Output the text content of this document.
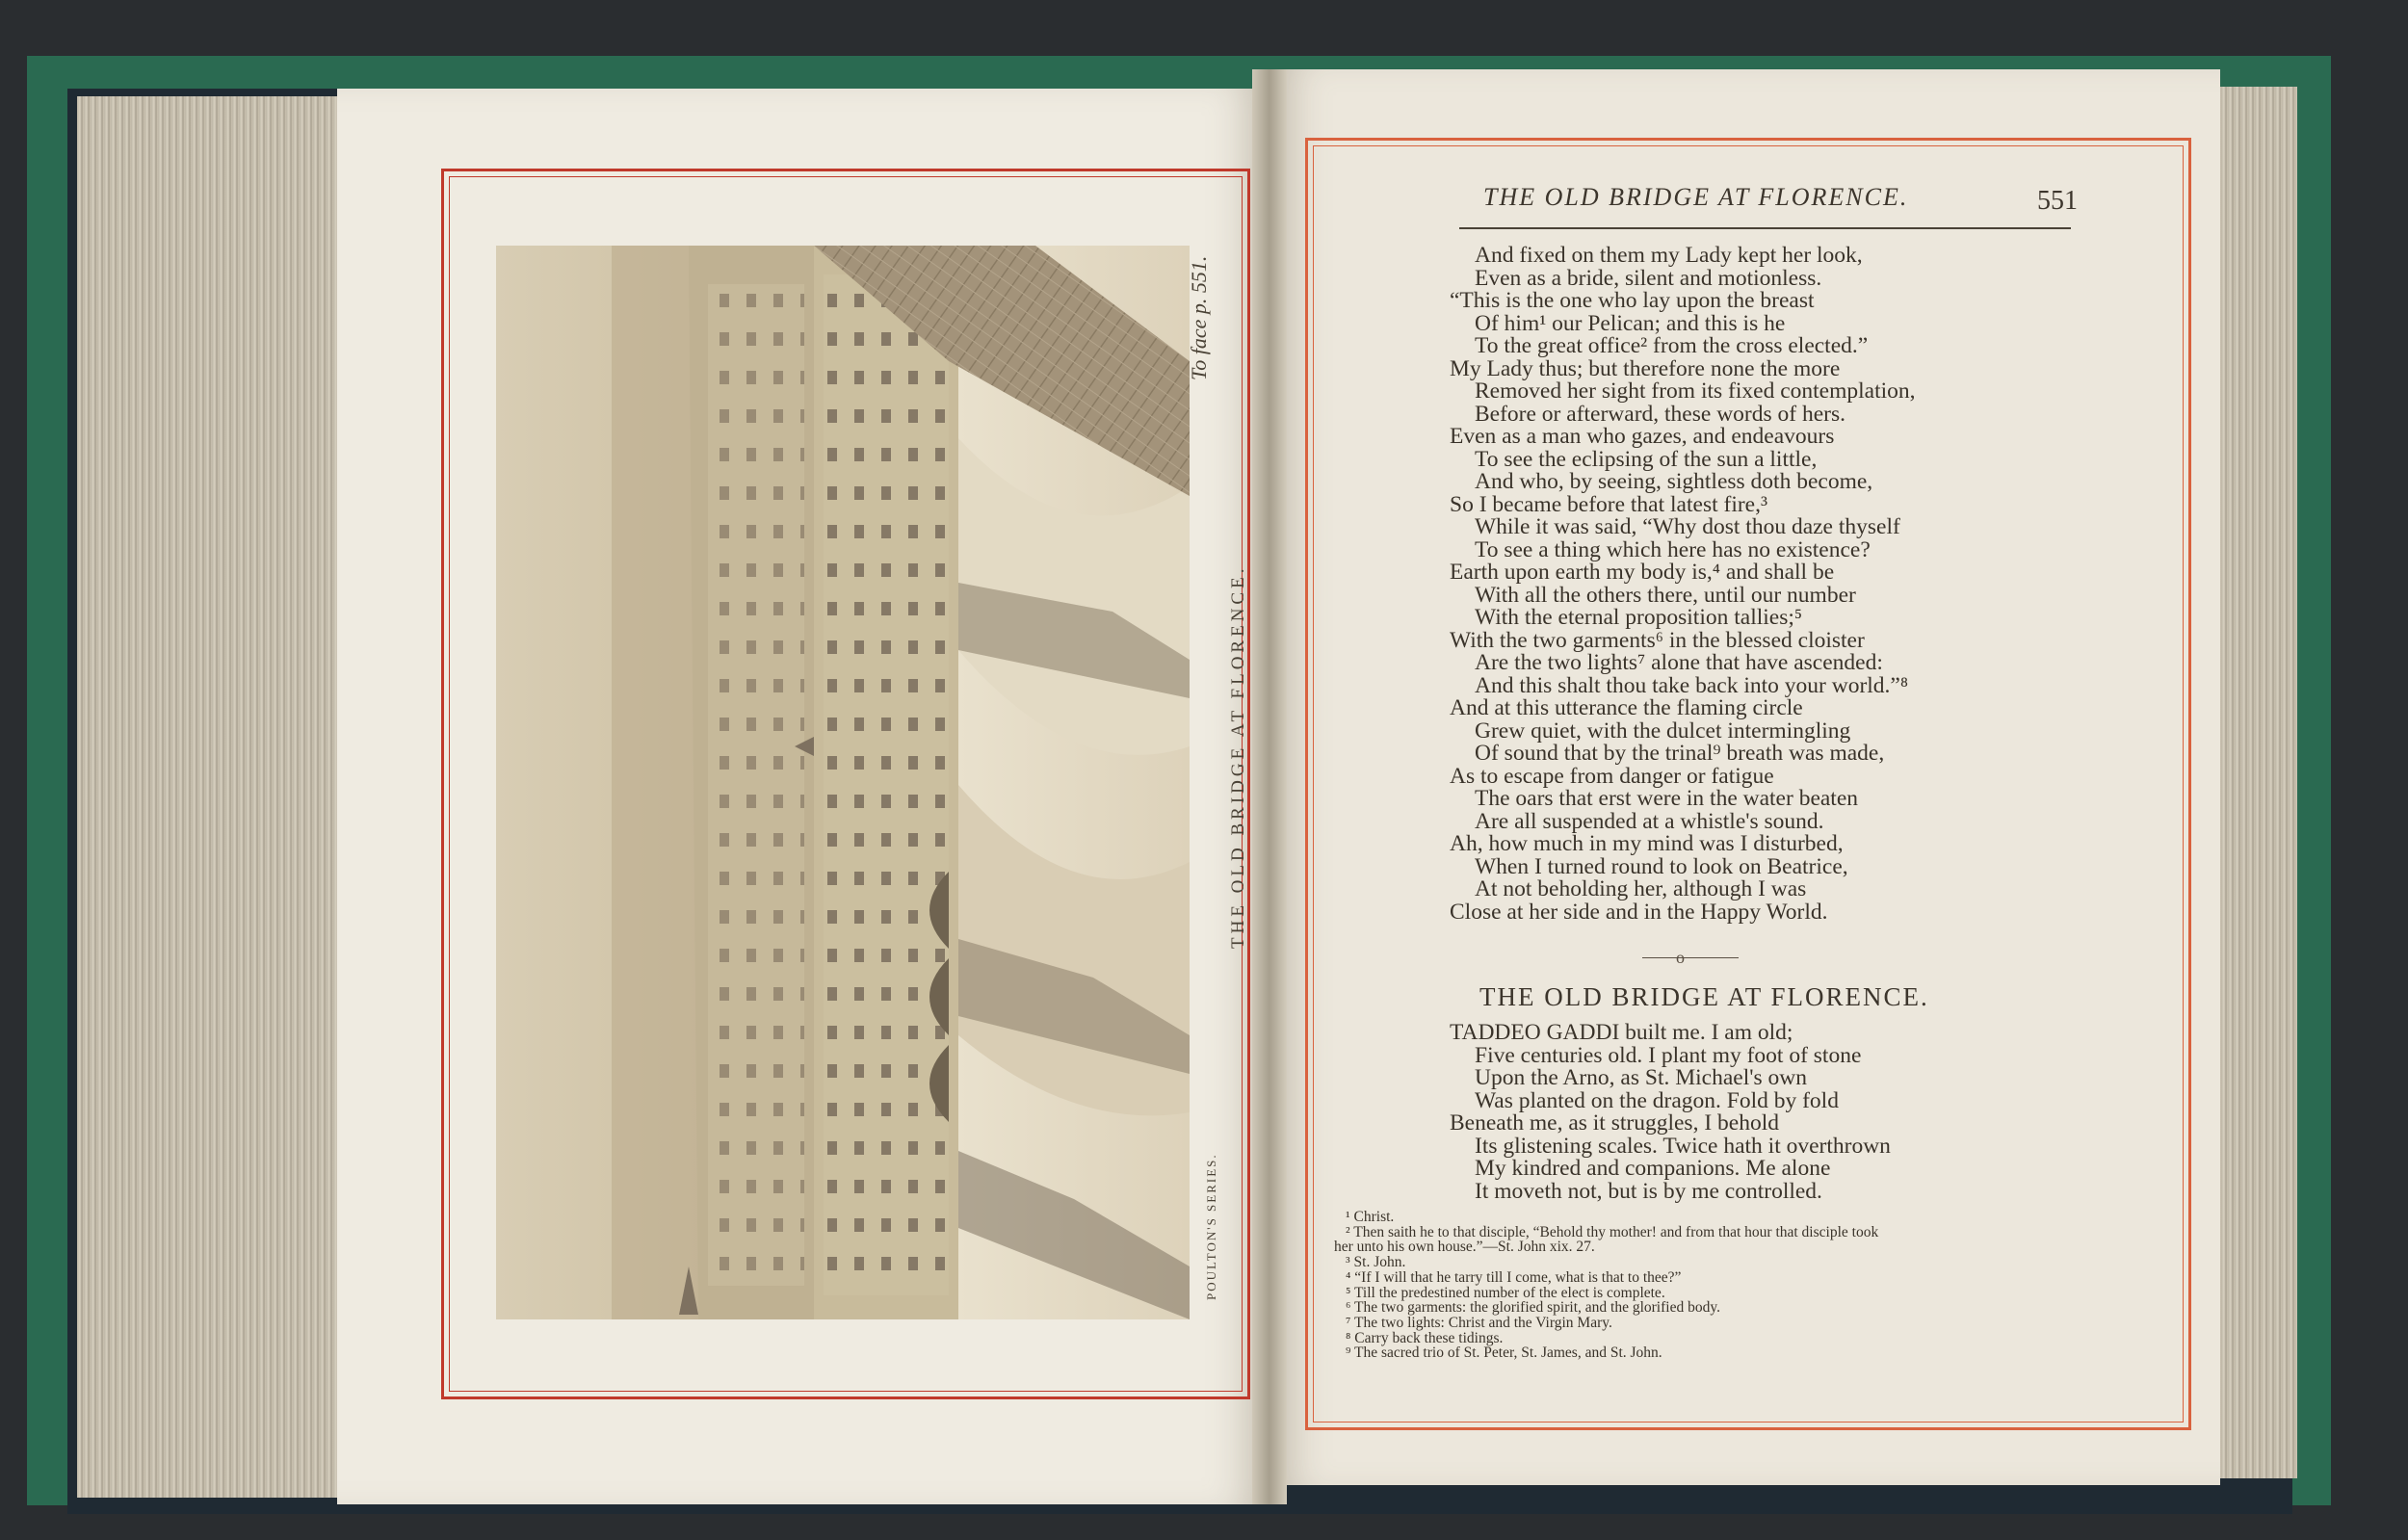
THE OLD BRIDGE AT FLORENCE.
POULTON'S SERIES.
To face p. 551.
THE OLD BRIDGE AT FLORENCE.	551
And fixed on them my Lady kept her look,
Even as a bride, silent and motionless.
“This is the one who lay upon the breast
Of him¹ our Pelican; and this is he
To the great office² from the cross elected.”
My Lady thus; but therefore none the more
Removed her sight from its fixed contemplation,
Before or afterward, these words of hers.
Even as a man who gazes, and endeavours
To see the eclipsing of the sun a little,
And who, by seeing, sightless doth become,
So I became before that latest fire,³
While it was said, “Why dost thou daze thyself
To see a thing which here has no existence?
Earth upon earth my body is,⁴ and shall be
With all the others there, until our number
With the eternal proposition tallies;⁵
With the two garments⁶ in the blessed cloister
Are the two lights⁷ alone that have ascended:
And this shalt thou take back into your world.”⁸
And at this utterance the flaming circle
Grew quiet, with the dulcet intermingling
Of sound that by the trinal⁹ breath was made,
As to escape from danger or fatigue
The oars that erst were in the water beaten
Are all suspended at a whistle's sound.
Ah, how much in my mind was I disturbed,
When I turned round to look on Beatrice,
At not beholding her, although I was
Close at her side and in the Happy World.
o
THE OLD BRIDGE AT FLORENCE.
TADDEO GADDI built me. I am old;
Five centuries old. I plant my foot of stone
Upon the Arno, as St. Michael's own
Was planted on the dragon. Fold by fold
Beneath me, as it struggles, I behold
Its glistening scales. Twice hath it overthrown
My kindred and companions. Me alone
It moveth not, but is by me controlled.
¹ Christ.
² Then saith he to that disciple, “Behold thy mother! and from that hour that disciple took
her unto his own house.”—St. John xix. 27.
³ St. John.
⁴ “If I will that he tarry till I come, what is that to thee?”
⁵ Till the predestined number of the elect is complete.
⁶ The two garments: the glorified spirit, and the glorified body.
⁷ The two lights: Christ and the Virgin Mary.
⁸ Carry back these tidings.
⁹ The sacred trio of St. Peter, St. James, and St. John.
